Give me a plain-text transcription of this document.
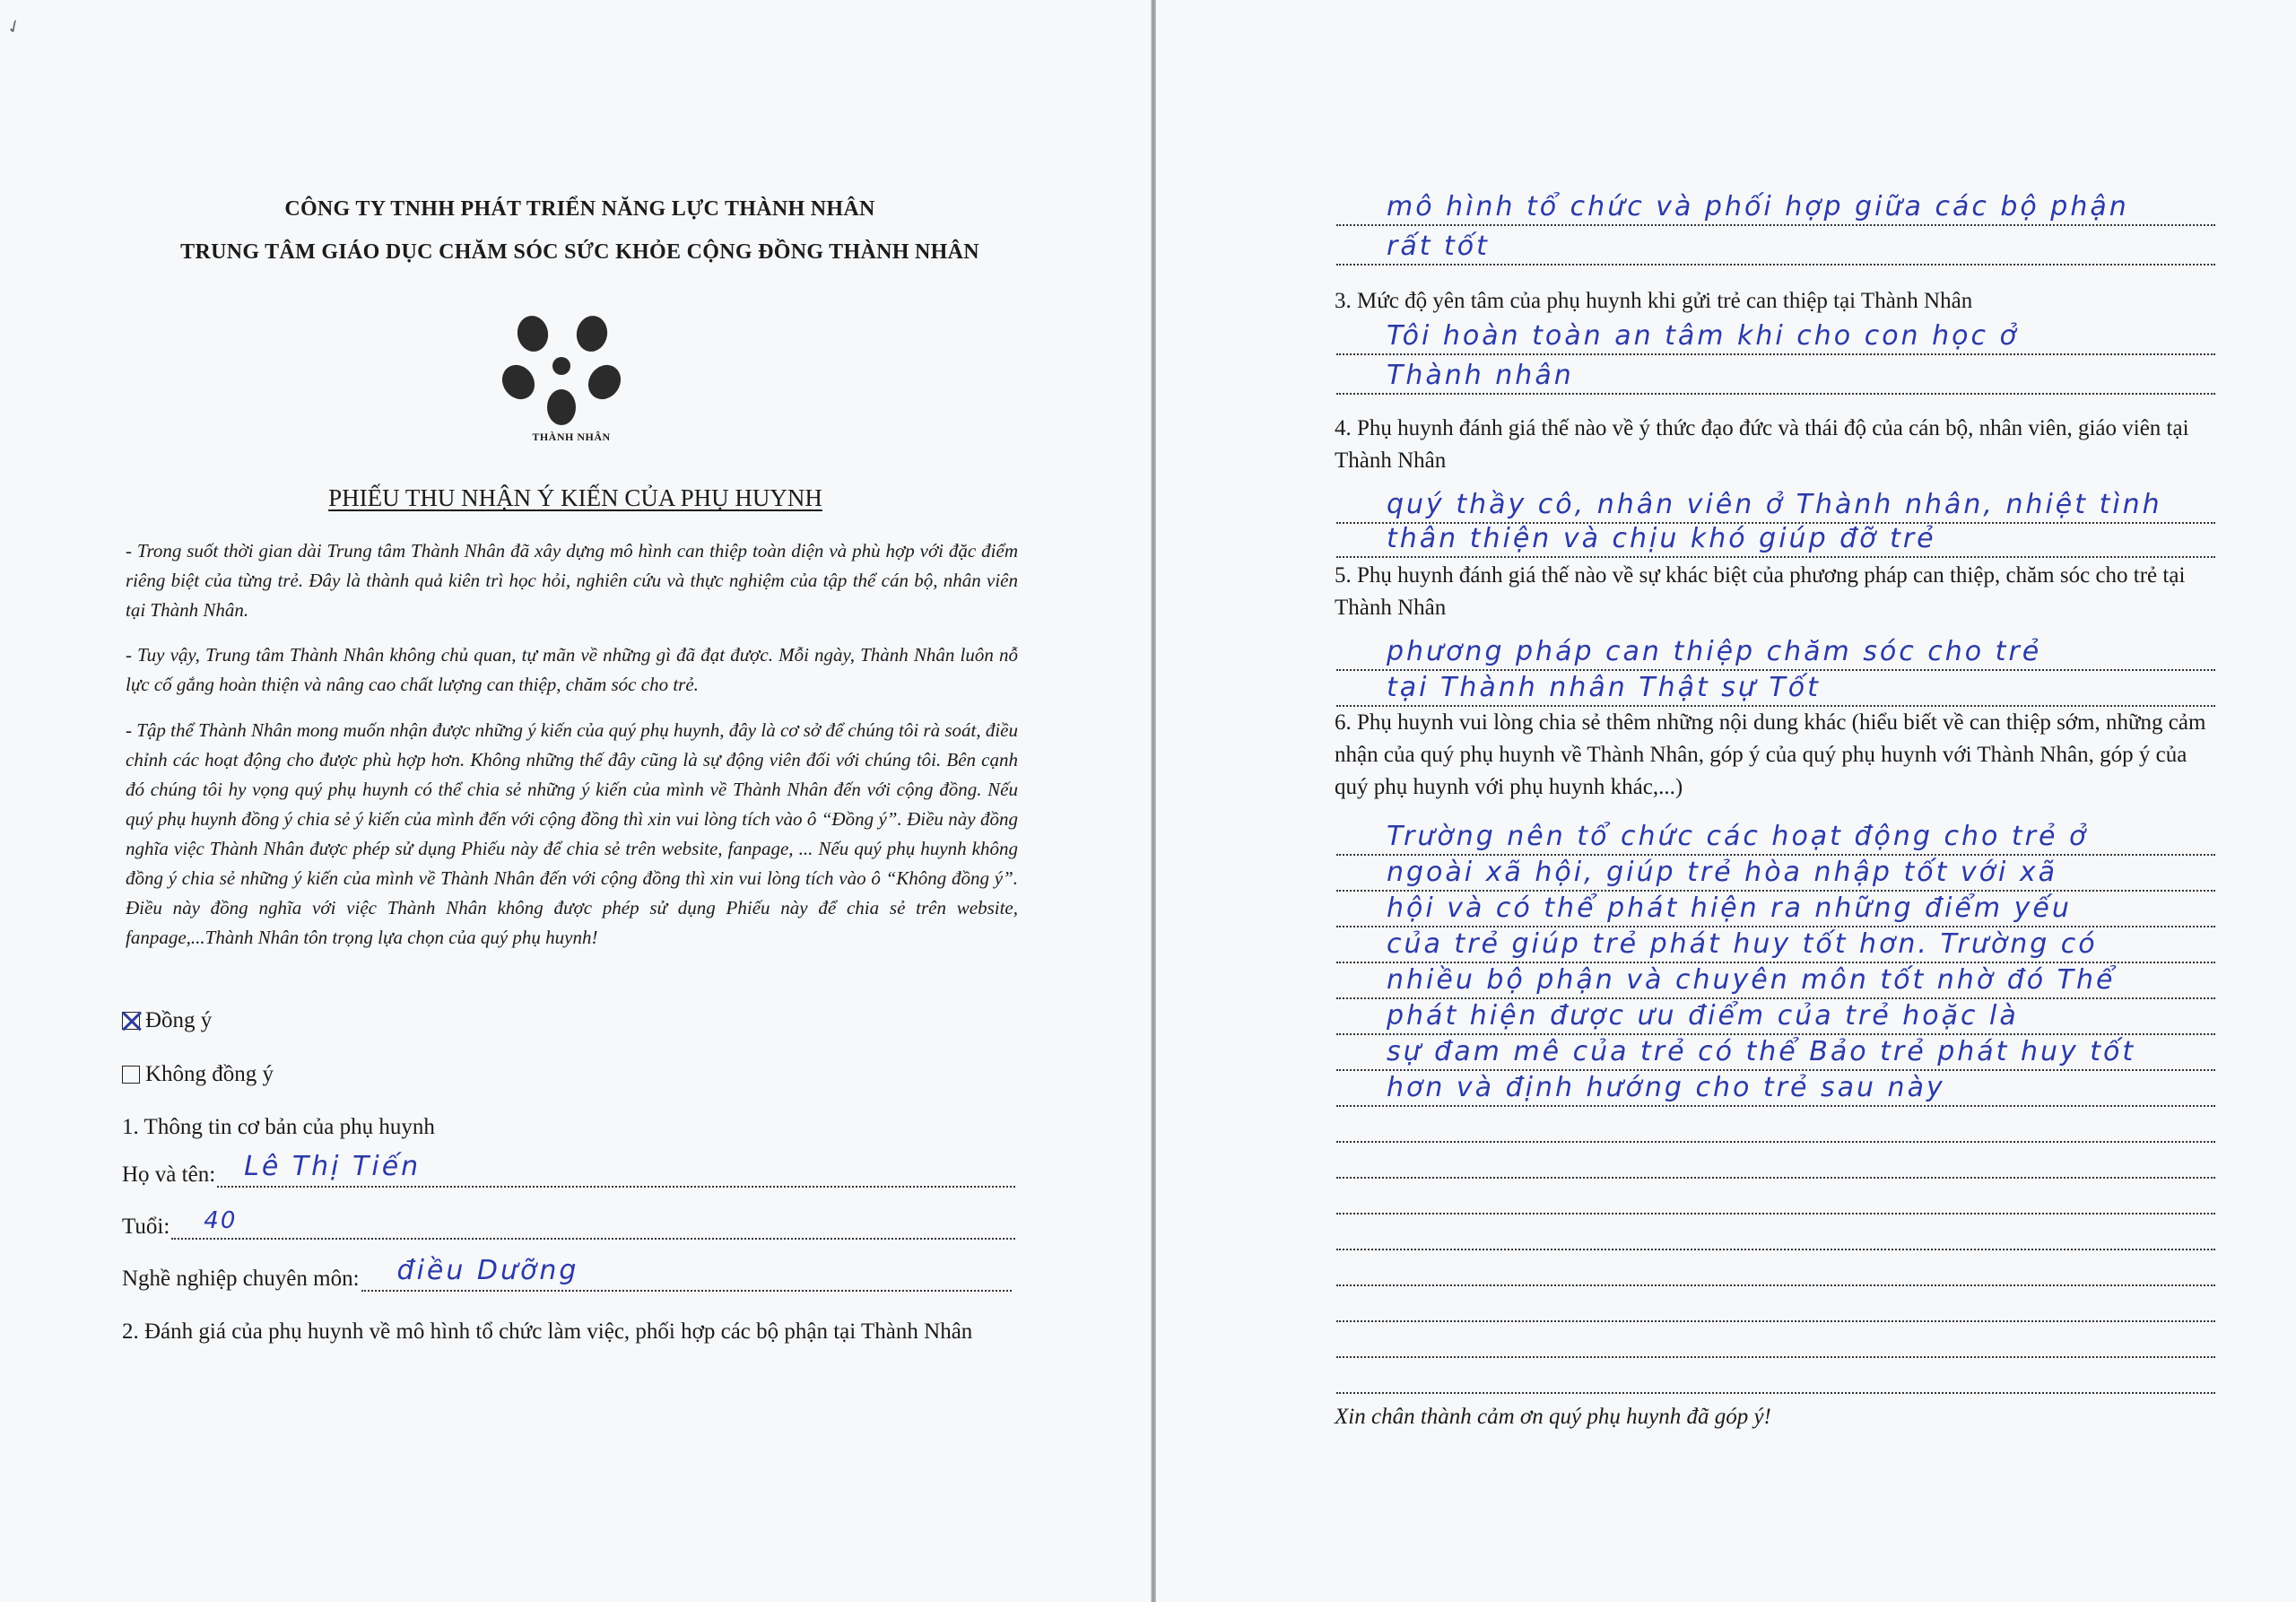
✓
CÔNG TY TNHH PHÁT TRIỂN NĂNG LỰC THÀNH NHÂN
TRUNG TÂM GIÁO DỤC CHĂM SÓC SỨC KHỎE CỘNG ĐỒNG THÀNH NHÂN
THÀNH NHÂN
PHIẾU THU NHẬN Ý KIẾN CỦA PHỤ HUYNH

- Trong suốt thời gian dài Trung tâm Thành Nhân đã xây dựng mô hình can thiệp toàn diện và phù hợp với đặc điểm riêng biệt của từng trẻ. Đây là thành quả kiên trì học hỏi, nghiên cứu và thực nghiệm của tập thể cán bộ, nhân viên tại Thành Nhân.

- Tuy vậy, Trung tâm Thành Nhân không chủ quan, tự mãn về những gì đã đạt được. Mỗi ngày, Thành Nhân luôn nỗ lực cố gắng hoàn thiện và nâng cao chất lượng can thiệp, chăm sóc cho trẻ.

- Tập thể Thành Nhân mong muốn nhận được những ý kiến của quý phụ huynh, đây là cơ sở để chúng tôi rà soát, điều chỉnh các hoạt động cho được phù hợp hơn. Không những thế đây cũng là sự động viên đối với chúng tôi. Bên cạnh đó chúng tôi hy vọng quý phụ huynh có thể chia sẻ những ý kiến của mình về Thành Nhân đến với cộng đồng. Nếu quý phụ huynh đồng ý chia sẻ ý kiến của mình đến với cộng đồng thì xin vui lòng tích vào ô “Đồng ý”. Điều này đồng nghĩa việc Thành Nhân được phép sử dụng Phiếu này để chia sẻ trên website, fanpage, ... Nếu quý phụ huynh không đồng ý chia sẻ những ý kiến của mình về Thành Nhân đến với cộng đồng thì xin vui lòng tích vào ô “Không đồng ý”. Điều này đồng nghĩa với việc Thành Nhân không được phép sử dụng Phiếu này để chia sẻ trên website, fanpage,...Thành Nhân tôn trọng lựa chọn của quý phụ huynh!

Đồng ý
Không đồng ý
1. Thông tin cơ bản của phụ huynh
Họ và tên: Lê Thị Tiến
Tuổi: 40
Nghề nghiệp chuyên môn: điều Dưỡng
2. Đánh giá của phụ huynh về mô hình tổ chức làm việc, phối hợp các bộ phận tại Thành Nhân
mô hình tổ chức và phối hợp giữa các bộ phận
rất tốt
3. Mức độ yên tâm của phụ huynh khi gửi trẻ can thiệp tại Thành Nhân
Tôi hoàn toàn an tâm khi cho con học ở
Thành nhân
4. Phụ huynh đánh giá thế nào về ý thức đạo đức và thái độ của cán bộ, nhân viên, giáo viên tại Thành Nhân
quý thầy cô, nhân viên ở Thành nhân, nhiệt tình
thân thiện và chịu khó giúp đỡ trẻ
5. Phụ huynh đánh giá thế nào về sự khác biệt của phương pháp can thiệp, chăm sóc cho trẻ tại Thành Nhân
phương pháp can thiệp chăm sóc cho trẻ
tại Thành nhân Thật sự Tốt
6. Phụ huynh vui lòng chia sẻ thêm những nội dung khác (hiểu biết về can thiệp sớm, những cảm nhận của quý phụ huynh về Thành Nhân, góp ý của quý phụ huynh với Thành Nhân, góp ý của quý phụ huynh với phụ huynh khác,...)
Trường nên tổ chức các hoạt động cho trẻ ở
ngoài xã hội, giúp trẻ hòa nhập tốt với xã
hội và có thể phát hiện ra những điểm yếu
của trẻ giúp trẻ phát huy tốt hơn. Trường có
nhiều bộ phận và chuyên môn tốt nhờ đó Thể
phát hiện được ưu điểm của trẻ hoặc là
sự đam mê của trẻ có thể Bảo trẻ phát huy tốt
hơn và định hướng cho trẻ sau này
Xin chân thành cảm ơn quý phụ huynh đã góp ý!
